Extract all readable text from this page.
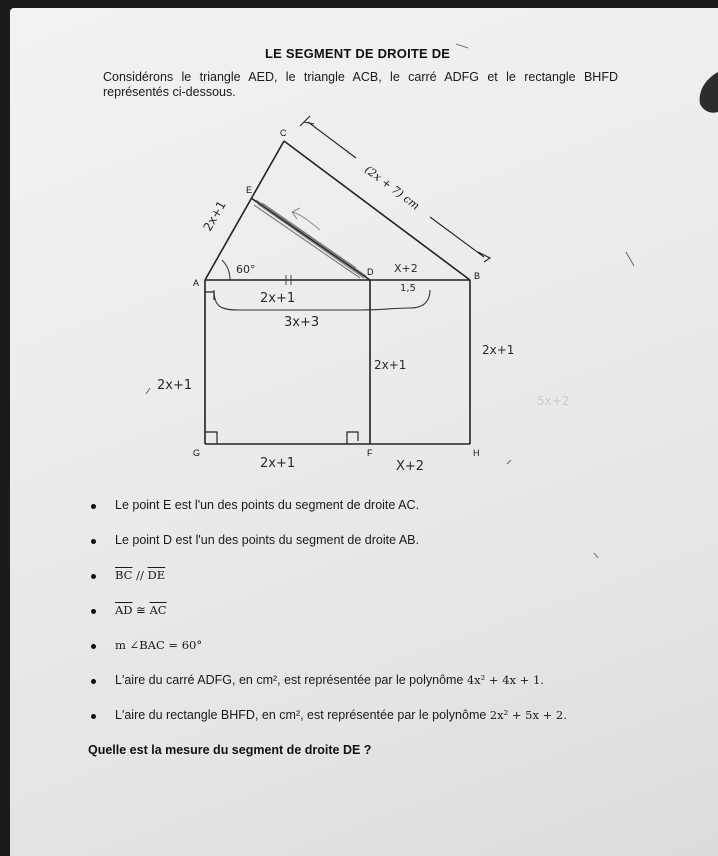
LE SEGMENT DE DROITE DE
Considérons le triangle AED, le triangle ACB, le carré ADFG et le rectangle BHFD représentés ci-dessous.
A
B
C
D
E
F
G	H
(2x + 7) cm
2x+1
60°
2x+1
3x+3
X+2
1,5
2x+1
5x+2
2x+1
2x+1
2x+1	X+2
Le point E est l'un des points du segment de droite AC.
Le point D est l'un des points du segment de droite AB.
$\overline{BC} // \overline{DE}$
$\overline{AD}$ ≅ $\overline{AC}$
m ∠BAC = 60°
L'aire du carré ADFG, en cm², est représentée par le polynôme 4x² + 4x + 1.
L'aire du rectangle BHFD, en cm², est représentée par le polynôme 2x² + 5x + 2.
Quelle est la mesure du segment de droite DE ?
